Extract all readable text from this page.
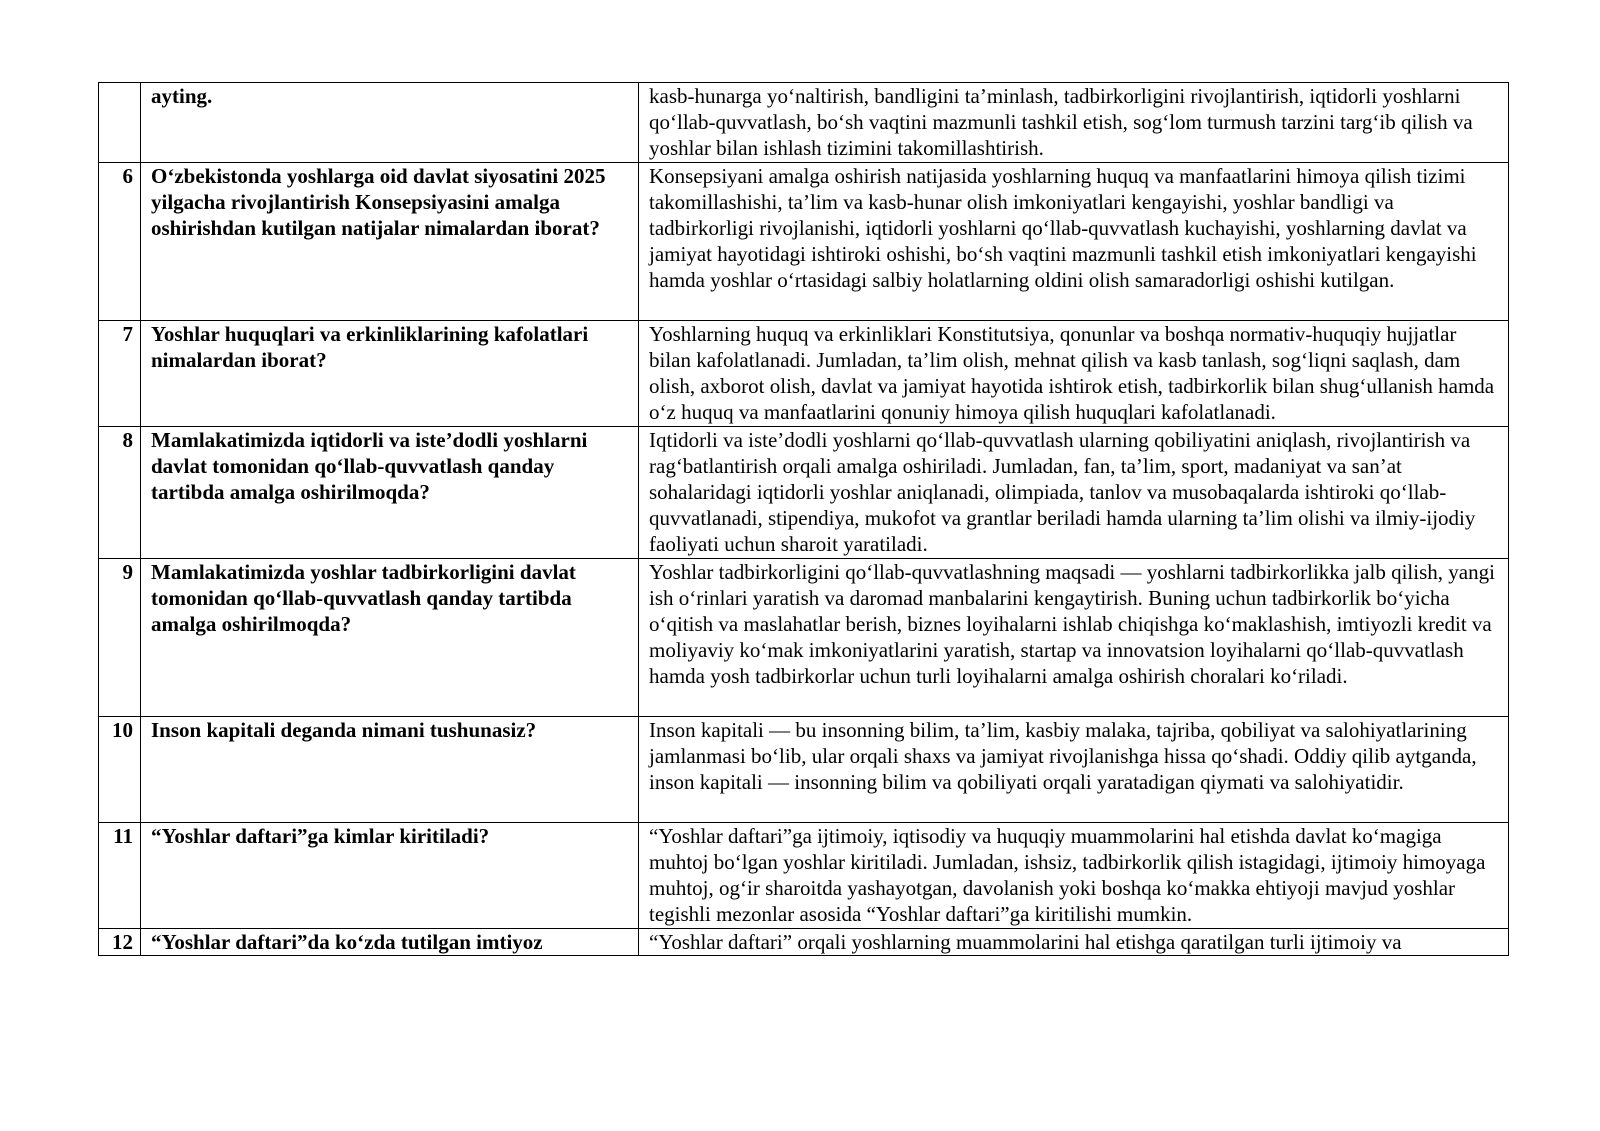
	ayting.	kasb-hunarga yo‘naltirish, bandligini ta’minlash, tadbirkorligini rivojlantirish, iqtidorli yoshlarni qo‘llab-quvvatlash, bo‘sh vaqtini mazmunli tashkil etish, sog‘lom turmush tarzini targ‘ib qilish va yoshlar bilan ishlash tizimini takomillashtirish.
6	O‘zbekistonda yoshlarga oid davlat siyosatini 2025 yilgacha rivojlantirish Konsepsiyasini amalga oshirishdan kutilgan natijalar nimalardan iborat?	Konsepsiyani amalga oshirish natijasida yoshlarning huquq va manfaatlarini himoya qilish tizimi takomillashishi, ta’lim va kasb-hunar olish imkoniyatlari kengayishi, yoshlar bandligi va tadbirkorligi rivojlanishi, iqtidorli yoshlarni qo‘llab-quvvatlash kuchayishi, yoshlarning davlat va jamiyat hayotidagi ishtiroki oshishi, bo‘sh vaqtini mazmunli tashkil etish imkoniyatlari kengayishi hamda yoshlar o‘rtasidagi salbiy holatlarning oldini olish samaradorligi oshishi kutilgan.
7	Yoshlar huquqlari va erkinliklarining kafolatlari nimalardan iborat?	Yoshlarning huquq va erkinliklari Konstitutsiya, qonunlar va boshqa normativ-huquqiy hujjatlar bilan kafolatlanadi. Jumladan, ta’lim olish, mehnat qilish va kasb tanlash, sog‘liqni saqlash, dam olish, axborot olish, davlat va jamiyat hayotida ishtirok etish, tadbirkorlik bilan shug‘ullanish hamda o‘z huquq va manfaatlarini qonuniy himoya qilish huquqlari kafolatlanadi.
8	Mamlakatimizda iqtidorli va iste’dodli yoshlarni davlat tomonidan qo‘llab-quvvatlash qanday tartibda amalga oshirilmoqda?	Iqtidorli va iste’dodli yoshlarni qo‘llab-quvvatlash ularning qobiliyatini aniqlash, rivojlantirish va rag‘batlantirish orqali amalga oshiriladi. Jumladan, fan, ta’lim, sport, madaniyat va san’at sohalaridagi iqtidorli yoshlar aniqlanadi, olimpiada, tanlov va musobaqalarda ishtiroki qo‘llab-quvvatlanadi, stipendiya, mukofot va grantlar beriladi hamda ularning ta’lim olishi va ilmiy-ijodiy faoliyati uchun sharoit yaratiladi.
9	Mamlakatimizda yoshlar tadbirkorligini davlat tomonidan qo‘llab-quvvatlash qanday tartibda amalga oshirilmoqda?	Yoshlar tadbirkorligini qo‘llab-quvvatlashning maqsadi — yoshlarni tadbirkorlikka jalb qilish, yangi ish o‘rinlari yaratish va daromad manbalarini kengaytirish. Buning uchun tadbirkorlik bo‘yicha o‘qitish va maslahatlar berish, biznes loyihalarni ishlab chiqishga ko‘maklashish, imtiyozli kredit va moliyaviy ko‘mak imkoniyatlarini yaratish, startap va innovatsion loyihalarni qo‘llab-quvvatlash hamda yosh tadbirkorlar uchun turli loyihalarni amalga oshirish choralari ko‘riladi.
10	Inson kapitali deganda nimani tushunasiz?	Inson kapitali — bu insonning bilim, ta’lim, kasbiy malaka, tajriba, qobiliyat va salohiyatlarining jamlanmasi bo‘lib, ular orqali shaxs va jamiyat rivojlanishga hissa qo‘shadi. Oddiy qilib aytganda, inson kapitali — insonning bilim va qobiliyati orqali yaratadigan qiymati va salohiyatidir.
11	“Yoshlar daftari”ga kimlar kiritiladi?	“Yoshlar daftari”ga ijtimoiy, iqtisodiy va huquqiy muammolarini hal etishda davlat ko‘magiga muhtoj bo‘lgan yoshlar kiritiladi. Jumladan, ishsiz, tadbirkorlik qilish istagidagi, ijtimoiy himoyaga muhtoj, og‘ir sharoitda yashayotgan, davolanish yoki boshqa ko‘makka ehtiyoji mavjud yoshlar tegishli mezonlar asosida “Yoshlar daftari”ga kiritilishi mumkin.
12	“Yoshlar daftari”da ko‘zda tutilgan imtiyoz	“Yoshlar daftari” orqali yoshlarning muammolarini hal etishga qaratilgan turli ijtimoiy va
